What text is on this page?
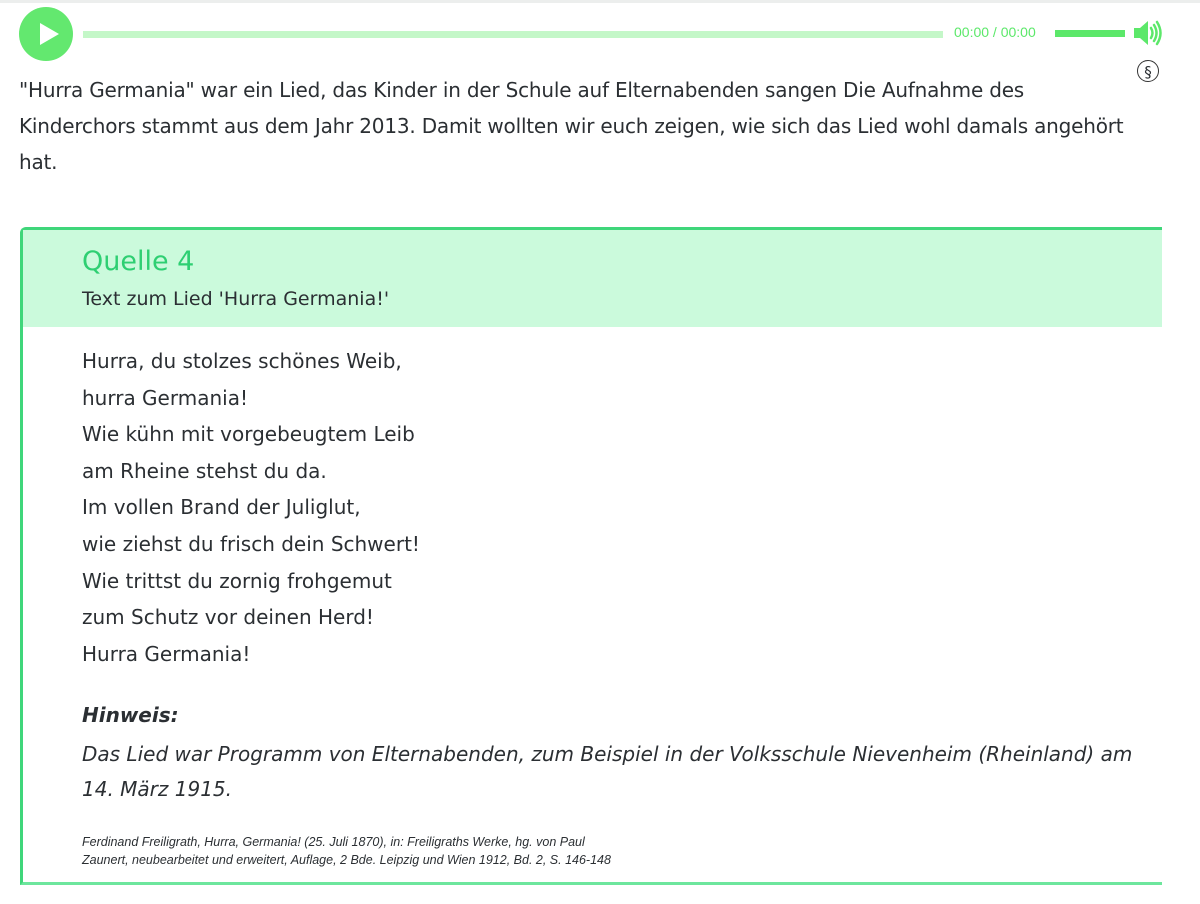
00:00 / 00:00
§

"Hurra Germania" war ein Lied, das Kinder in der Schule auf Elternabenden sangen Die Aufnahme des Kinderchors stammt aus dem Jahr 2013. Damit wollten wir euch zeigen, wie sich das Lied wohl damals angehört hat.

Quelle 4
Text zum Lied 'Hurra Germania!'
Hurra, du stolzes schönes Weib,
hurra Germania!
Wie kühn mit vorgebeugtem Leib
am Rheine stehst du da.
Im vollen Brand der Juliglut,
wie ziehst du frisch dein Schwert!
Wie trittst du zornig frohgemut
zum Schutz vor deinen Herd!
Hurra Germania!
Hinweis:
Das Lied war Programm von Elternabenden, zum Beispiel in der Volksschule Nievenheim (Rheinland) am 14. März 1915.
Ferdinand Freiligrath, Hurra, Germania! (25. Juli 1870), in: Freiligraths Werke, hg. von Paul
Zaunert, neubearbeitet und erweitert, Auflage, 2 Bde. Leipzig und Wien 1912, Bd. 2, S. 146-148
